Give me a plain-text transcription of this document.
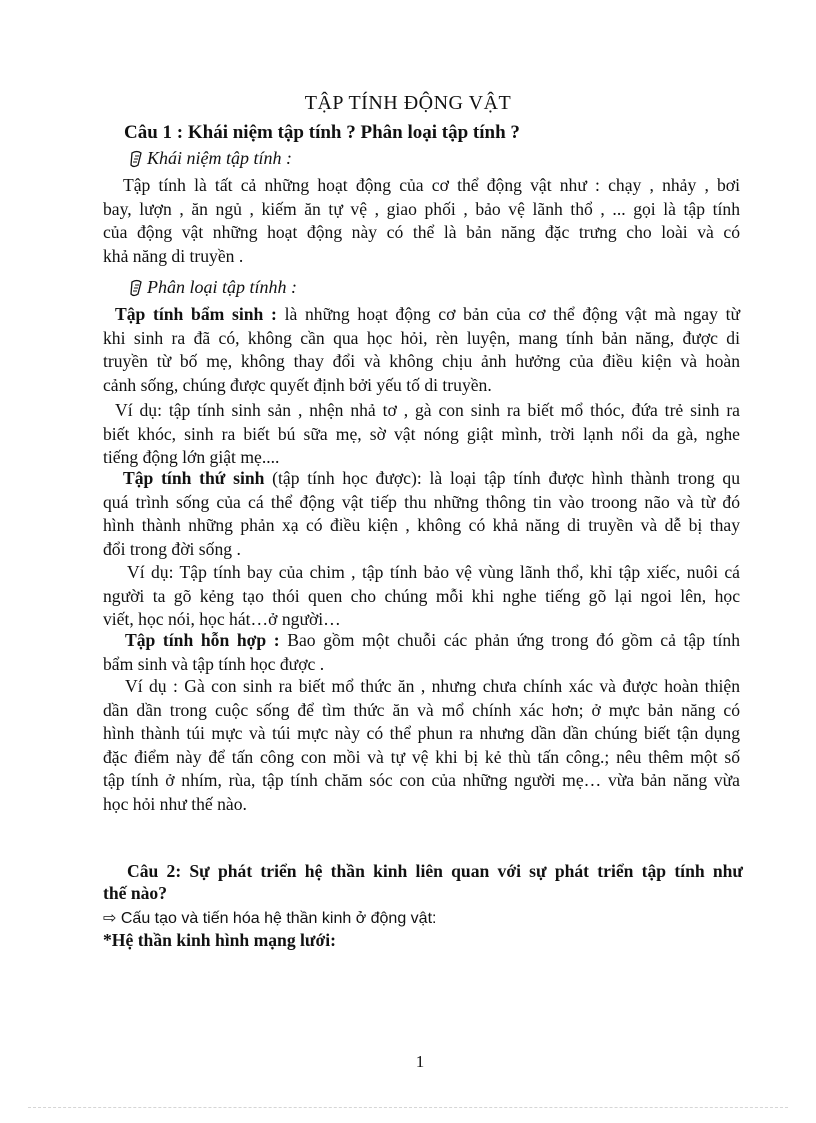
TẬP TÍNH ĐỘNG VẬT
Câu 1 : Khái niệm tập tính ? Phân loại tập tính ?
Khái niệm tập tính :
Tập tính là tất cả những hoạt động của cơ thể động vật như : chạy , nhảy , bơi
bay, lượn , ăn ngủ , kiếm ăn tự vệ , giao phối , bảo vệ lãnh thổ , ... gọi là tập tính
của động vật những hoạt động này có thể là bản năng đặc trưng cho loài và có
khả năng di truyền .
Phân loại tập tínhh :
Tập tính bẩm sinh : là những hoạt động cơ bản của cơ thể động vật mà ngay từ
khi sinh ra đã có, không cần qua học hỏi, rèn luyện, mang tính bản năng, được di
truyền từ bố mẹ, không thay đổi và không chịu ảnh hưởng của điều kiện và hoàn
cảnh sống, chúng được quyết định bởi yếu tố di truyền.
Ví dụ: tập tính sinh sản , nhện nhả tơ , gà con sinh ra biết mổ thóc, đứa trẻ sinh ra
biết khóc, sinh ra biết bú sữa mẹ, sờ vật nóng giật mình, trời lạnh nổi da gà, nghe
tiếng động lớn giật mẹ....
Tập tính thứ sinh (tập tính học được): là loại tập tính được hình thành trong qu
quá trình sống của cá thể động vật tiếp thu những thông tin vào troong não và từ đó
hình thành những phản xạ có điều kiện , không có khả năng di truyền và dễ bị thay
đổi trong đời sống .
Ví dụ: Tập tính bay của chim , tập tính bảo vệ vùng lãnh thổ, khỉ tập xiếc, nuôi cá
người ta gõ kẻng tạo thói quen cho chúng mỗi khi nghe tiếng gõ lại ngoi lên, học
viết, học nói, học hát…ở người…
Tập tính hỗn hợp : Bao gồm một chuỗi các phản ứng trong đó gồm cả tập tính
bẩm sinh và tập tính học được .
Ví dụ : Gà con sinh ra biết mổ thức ăn , nhưng chưa chính xác và được hoàn thiện
dần dần trong cuộc sống để tìm thức ăn và mổ chính xác hơn; ở mực bản năng có
hình thành túi mực và túi mực này có thể phun ra nhưng dần dần chúng biết tận dụng
đặc điểm này để tấn công con mồi và tự vệ khi bị kẻ thù tấn công.; nêu thêm một số
tập tính ở nhím, rùa, tập tính chăm sóc con của những người mẹ… vừa bản năng vừa
học hỏi như thế nào.
Câu 2: Sự phát triển hệ thần kinh liên quan với sự phát triển tập tính như
thế nào?
⇨ Cấu tạo và tiến hóa hệ thần kinh ở động vật:
*Hệ thần kinh hình mạng lưới:
1
